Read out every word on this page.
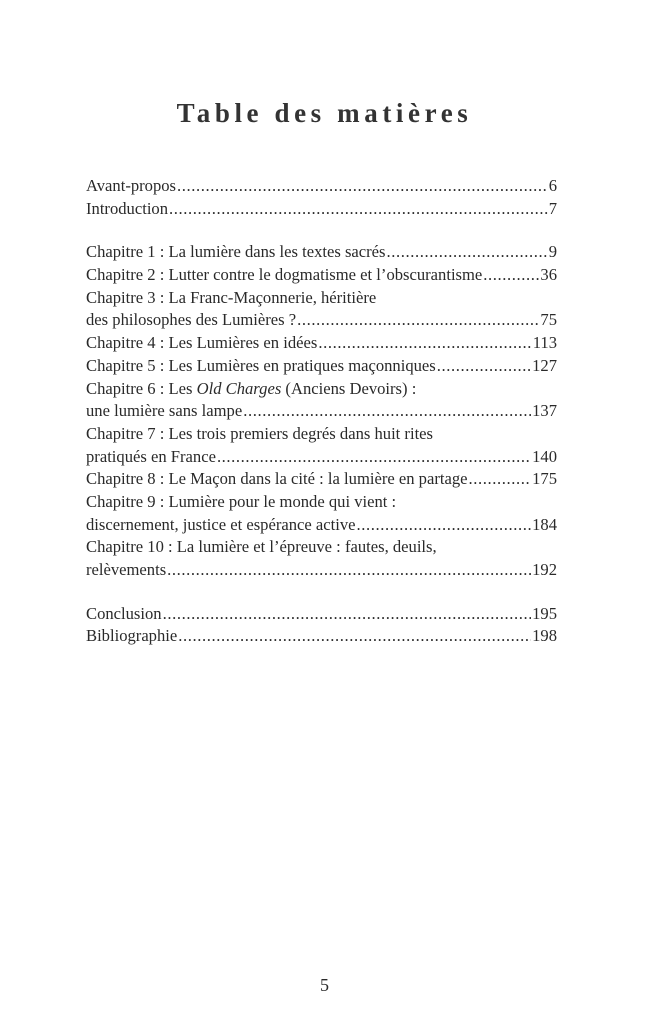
Table des matières
Avant-propos .....	6
Introduction .....	7
Chapitre 1 : La lumière dans les textes sacrés .....	9
Chapitre 2 : Lutter contre le dogmatisme et l’obscurantisme .....	36
Chapitre 3 : La Franc-Maçonnerie, héritière
des philosophes des Lumières ? .....	75
Chapitre 4 : Les Lumières en idées .....	113
Chapitre 5 : Les Lumières en pratiques maçonniques .....	127
Chapitre 6 : Les Old Charges (Anciens Devoirs) :
une lumière sans lampe .....	137
Chapitre 7 : Les trois premiers degrés dans huit rites
pratiqués en France .....	140
Chapitre 8 : Le Maçon dans la cité : la lumière en partage .....	175
Chapitre 9 : Lumière pour le monde qui vient :
discernement, justice et espérance active .....	184
Chapitre 10 : La lumière et l’épreuve : fautes, deuils,
relèvements .....	192
Conclusion .....	195
Bibliographie .....	198
5
